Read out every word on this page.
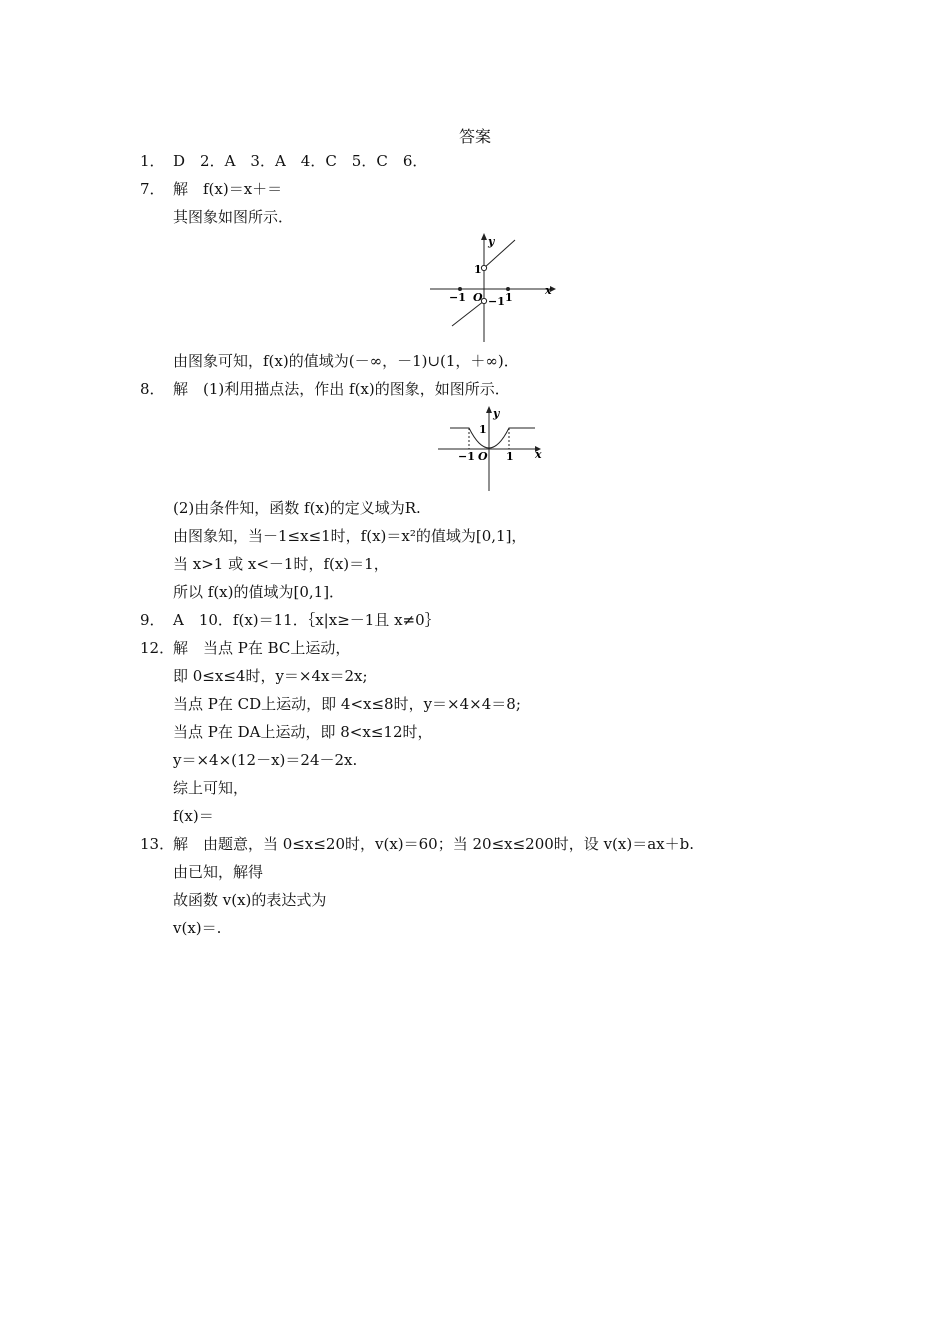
答案
1． D　2．A　3．A　4．C　5．C　6．
7． 解　f(x)＝x＋＝
其图象如图所示．
y
x
1
−1
O 1
−1
由图象可知，f(x)的值域为(－∞，－1)∪(1，＋∞)．
8． 解　(1)利用描点法，作出 f(x)的图象，如图所示．
y
x
1
O 1
−1
(2)由条件知，函数 f(x)的定义域为R.
由图象知，当－1≤x≤1时，f(x)＝x²的值域为[0,1]，
当 x>1 或 x<－1时，f(x)＝1，
所以 f(x)的值域为[0,1]．
9． A　10．f(x)＝11．｛x|x≥－1且 x≠0｝
12．
解　当点 P在 BC上运动，
即 0≤x≤4时，y＝×4x＝2x;
当点 P在 CD上运动，即 4<x≤8时，y＝×4×4＝8;
当点 P在 DA上运动，即 8<x≤12时，
y＝×4×(12－x)＝24－2x.
综上可知，
f(x)＝
13．
解　由题意，当 0≤x≤20时，v(x)＝60；当 20≤x≤200时，设 v(x)＝ax＋b.
由已知，解得
故函数 v(x)的表达式为
v(x)＝.
